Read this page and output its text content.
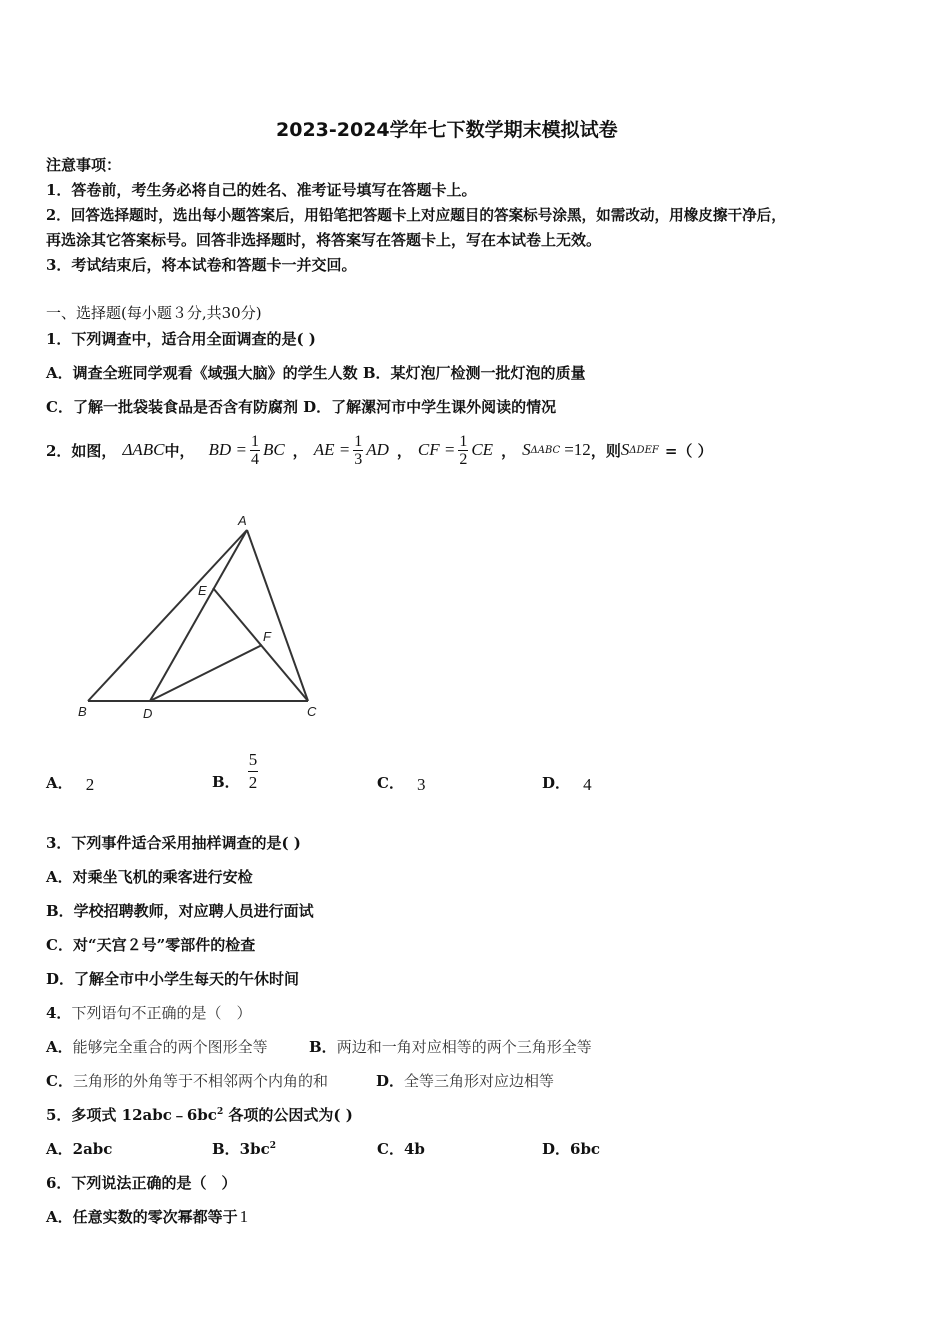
2023-2024学年七下数学期末模拟试卷
注意事项：
1．答卷前，考生务必将自己的姓名、准考证号填写在答题卡上。
2．回答选择题时，选出每小题答案后，用铅笔把答题卡上对应题目的答案标号涂黑，如需改动，用橡皮擦干净后，
再选涂其它答案标号。回答非选择题时，将答案写在答题卡上，写在本试卷上无效。
3．考试结束后，将本试卷和答题卡一并交回。
一、选择题(每小题３分,共30分)
1．下列调查中，适合用全面调查的是( )
A．调查全班同学观看《域强大脑》的学生人数 B．某灯泡厂检测一批灯泡的质量
C．了解一批袋装食品是否含有防腐剂 D．了解漯河市中学生课外阅读的情况
2．如图， ΔABC 中， BD = $\frac{1}{4}$ BC ， AE = $\frac{1}{3}$ AD ， CF = $\frac{1}{2}$ CE ， S ΔABC =12 ，则 S ΔDEF =（ ）
A
B	C
D
E
F
A． 2	B． $\frac{5}{2}$	C． 3	D． 4
3．下列事件适合采用抽样调查的是( )
A．对乘坐飞机的乘客进行安检
B．学校招聘教师，对应聘人员进行面试
C．对“天宫２号”零部件的检查
D．了解全市中小学生每天的午休时间
4．下列语句不正确的是（　）
A．能够完全重合的两个图形全等	B．两边和一角对应相等的两个三角形全等
C．三角形的外角等于不相邻两个内角的和	D．全等三角形对应边相等
5．多项式 $12abc﹣6bc^2$ 各项的公因式为( )
A．2abc	B．$3bc^2$	C．4b	D．6bc
6．下列说法正确的是（　）
A．任意实数的零次幂都等于 1
